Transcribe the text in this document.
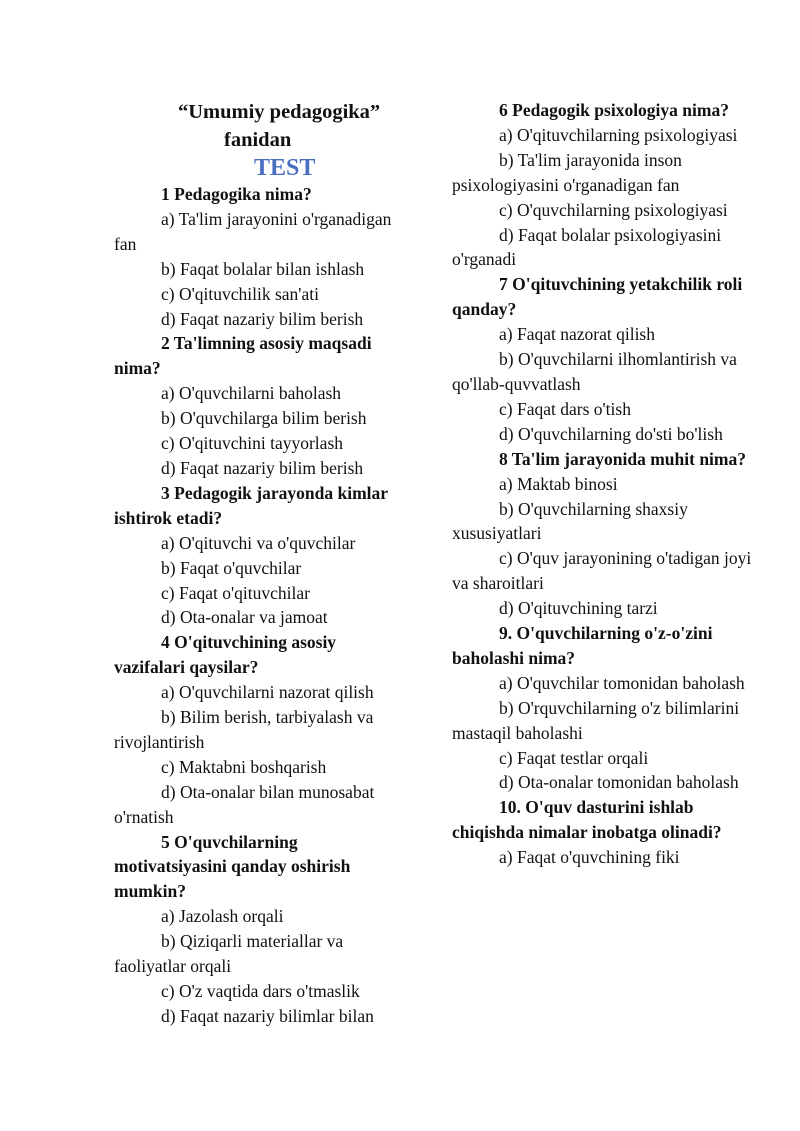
“Umumiy pedagogika”
fanidan
TEST
1 Pedagogika nima?
a) Ta'lim jarayonini o'rganadigan fan
b) Faqat bolalar bilan ishlash
c) O'qituvchilik san'ati
d) Faqat nazariy bilim berish
2 Ta'limning asosiy maqsadi nima?
a) O'quvchilarni baholash
b) O'quvchilarga bilim berish
c) O'qituvchini tayyorlash
d) Faqat nazariy bilim berish
3 Pedagogik jarayonda kimlar ishtirok etadi?
a) O'qituvchi va o'quvchilar
b) Faqat o'quvchilar
c) Faqat o'qituvchilar
d) Ota-onalar va jamoat
4 O'qituvchining asosiy vazifalari qaysilar?
a) O'quvchilarni nazorat qilish
b) Bilim berish, tarbiyalash va rivojlantirish
c) Maktabni boshqarish
d) Ota-onalar bilan munosabat o'rnatish
5 O'quvchilarning motivatsiyasini qanday oshirish mumkin?
a) Jazolash orqali
b) Qiziqarli materiallar va faoliyatlar orqali
c) O'z vaqtida dars o'tmaslik
d) Faqat nazariy bilimlar bilan
6 Pedagogik psixologiya nima?
a) O'qituvchilarning psixologiyasi
b) Ta'lim jarayonida inson psixologiyasini o'rganadigan fan
c) O'quvchilarning psixologiyasi
d) Faqat bolalar psixologiyasini o'rganadi
7 O'qituvchining yetakchilik roli qanday?
a) Faqat nazorat qilish
b) O'quvchilarni ilhomlantirish va qo'llab-quvvatlash
c) Faqat dars o'tish
d) O'quvchilarning do'sti bo'lish
8 Ta'lim jarayonida muhit nima?
a) Maktab binosi
b) O'quvchilarning shaxsiy xususiyatlari
c) O'quv jarayonining o'tadigan joyi va sharoitlari
d) O'qituvchining tarzi
9. O'quvchilarning o'z-o'zini baholashi nima?
a) O'quvchilar tomonidan baholash
b) O'rquvchilarning o'z bilimlarini mastaqil baholashi
c) Faqat testlar orqali
d) Ota-onalar tomonidan baholash
10. O'quv dasturini ishlab chiqishda nimalar inobatga olinadi?
a) Faqat o'quvchining fiki
